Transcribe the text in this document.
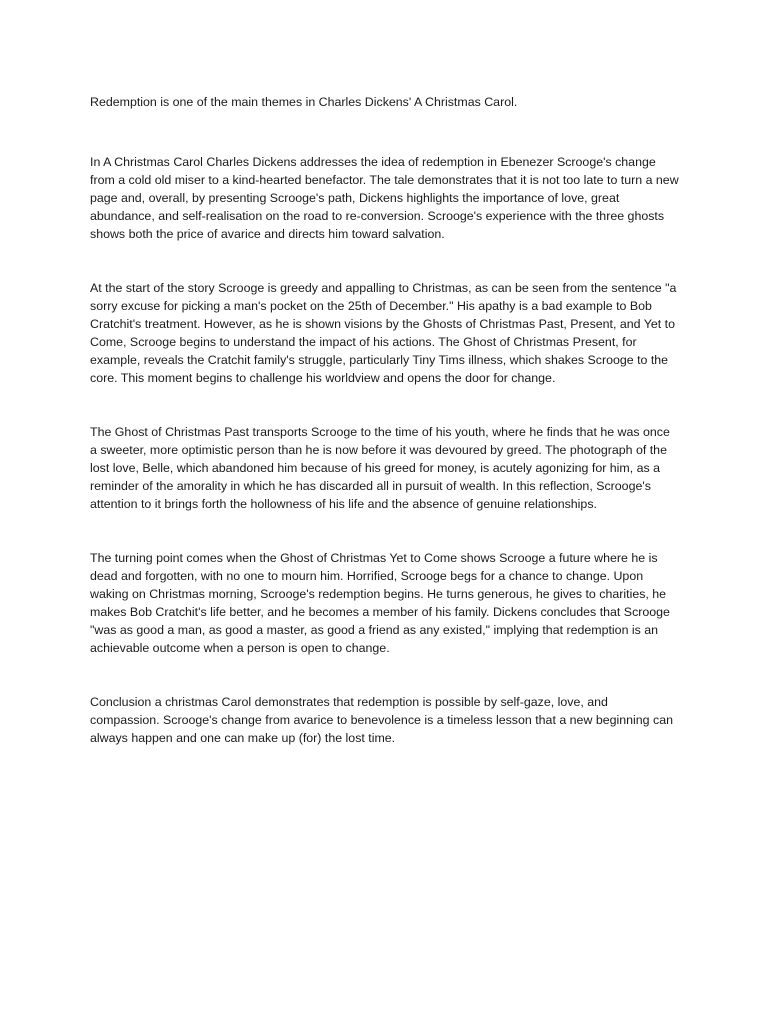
Redemption is one of the main themes in Charles Dickens' A Christmas Carol.

In A Christmas Carol Charles Dickens addresses the idea of redemption in Ebenezer Scrooge's change from a cold old miser to a kind-hearted benefactor. The tale demonstrates that it is not too late to turn a new page and, overall, by presenting Scrooge's path, Dickens highlights the importance of love, great abundance, and self-realisation on the road to re-conversion. Scrooge's experience with the three ghosts shows both the price of avarice and directs him toward salvation.

At the start of the story Scrooge is greedy and appalling to Christmas, as can be seen from the sentence "a sorry excuse for picking a man's pocket on the 25th of December." His apathy is a bad example to Bob Cratchit's treatment. However, as he is shown visions by the Ghosts of Christmas Past, Present, and Yet to Come, Scrooge begins to understand the impact of his actions. The Ghost of Christmas Present, for example, reveals the Cratchit family's struggle, particularly Tiny Tims illness, which shakes Scrooge to the core. This moment begins to challenge his worldview and opens the door for change.

The Ghost of Christmas Past transports Scrooge to the time of his youth, where he finds that he was once a sweeter, more optimistic person than he is now before it was devoured by greed. The photograph of the lost love, Belle, which abandoned him because of his greed for money, is acutely agonizing for him, as a reminder of the amorality in which he has discarded all in pursuit of wealth. In this reflection, Scrooge's attention to it brings forth the hollowness of his life and the absence of genuine relationships.

The turning point comes when the Ghost of Christmas Yet to Come shows Scrooge a future where he is dead and forgotten, with no one to mourn him. Horrified, Scrooge begs for a chance to change. Upon waking on Christmas morning, Scrooge's redemption begins. He turns generous, he gives to charities, he makes Bob Cratchit's life better, and he becomes a member of his family. Dickens concludes that Scrooge "was as good a man, as good a master, as good a friend as any existed," implying that redemption is an achievable outcome when a person is open to change.

Conclusion a christmas Carol demonstrates that redemption is possible by self-gaze, love, and compassion. Scrooge's change from avarice to benevolence is a timeless lesson that a new beginning can always happen and one can make up (for) the lost time.
